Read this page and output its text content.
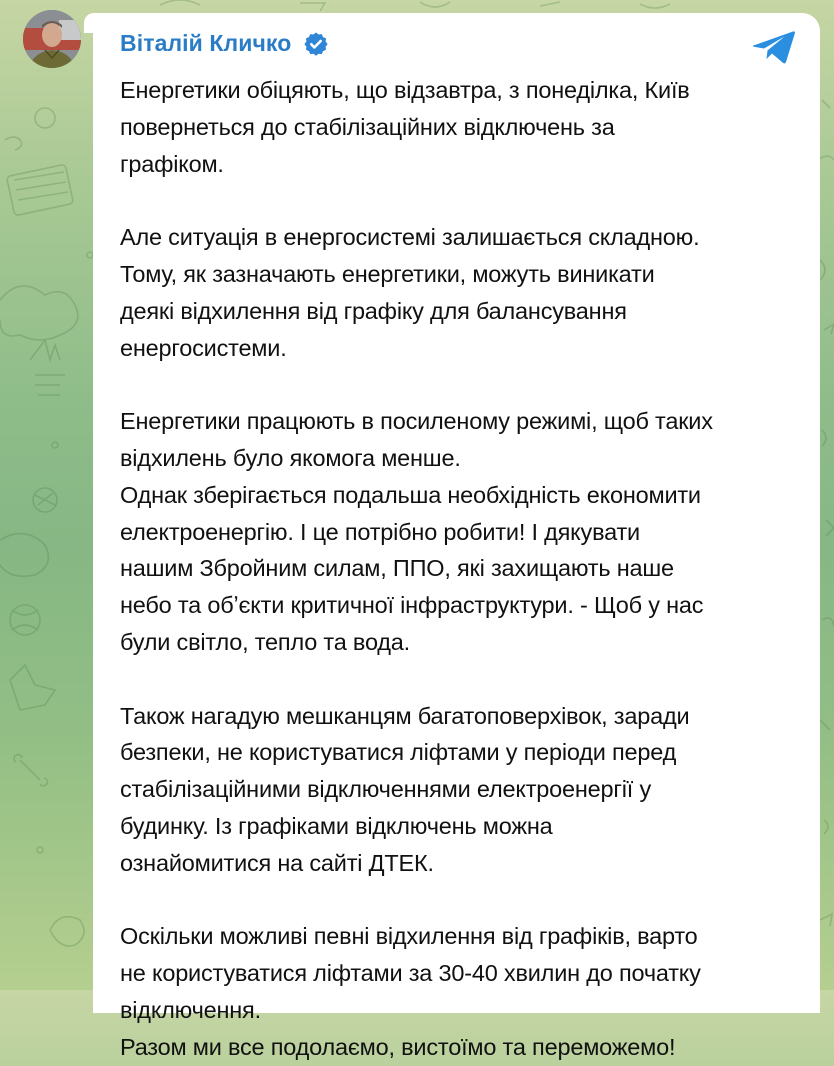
Віталій Кличко
Енергетики обіцяють, що відзавтра, з понеділка, Київ
повернеться до стабілізаційних відключень за
графіком.
Але ситуація в енергосистемі залишається складною.
Тому, як зазначають енергетики, можуть виникати
деякі відхилення від графіку для балансування
енергосистеми.
Енергетики працюють в посиленому режимі, щоб таких
відхилень було якомога менше.
Однак зберігається подальша необхідність економити
електроенергію. І це потрібно робити! І дякувати
нашим Збройним силам, ППО, які захищають наше
небо та обʼєкти критичної інфраструктури. - Щоб у нас
були світло, тепло та вода.
Також нагадую мешканцям багатоповерхівок, заради
безпеки, не користуватися ліфтами у періоди перед
стабілізаційними відключеннями електроенергії у
будинку. Із графіками відключень можна
ознайомитися на сайті ДТЕК.
Оскільки можливі певні відхилення від графіків, варто
не користуватися ліфтами за 30-40 хвилин до початку
відключення.
Разом ми все подолаємо, вистоїмо та переможемо!
